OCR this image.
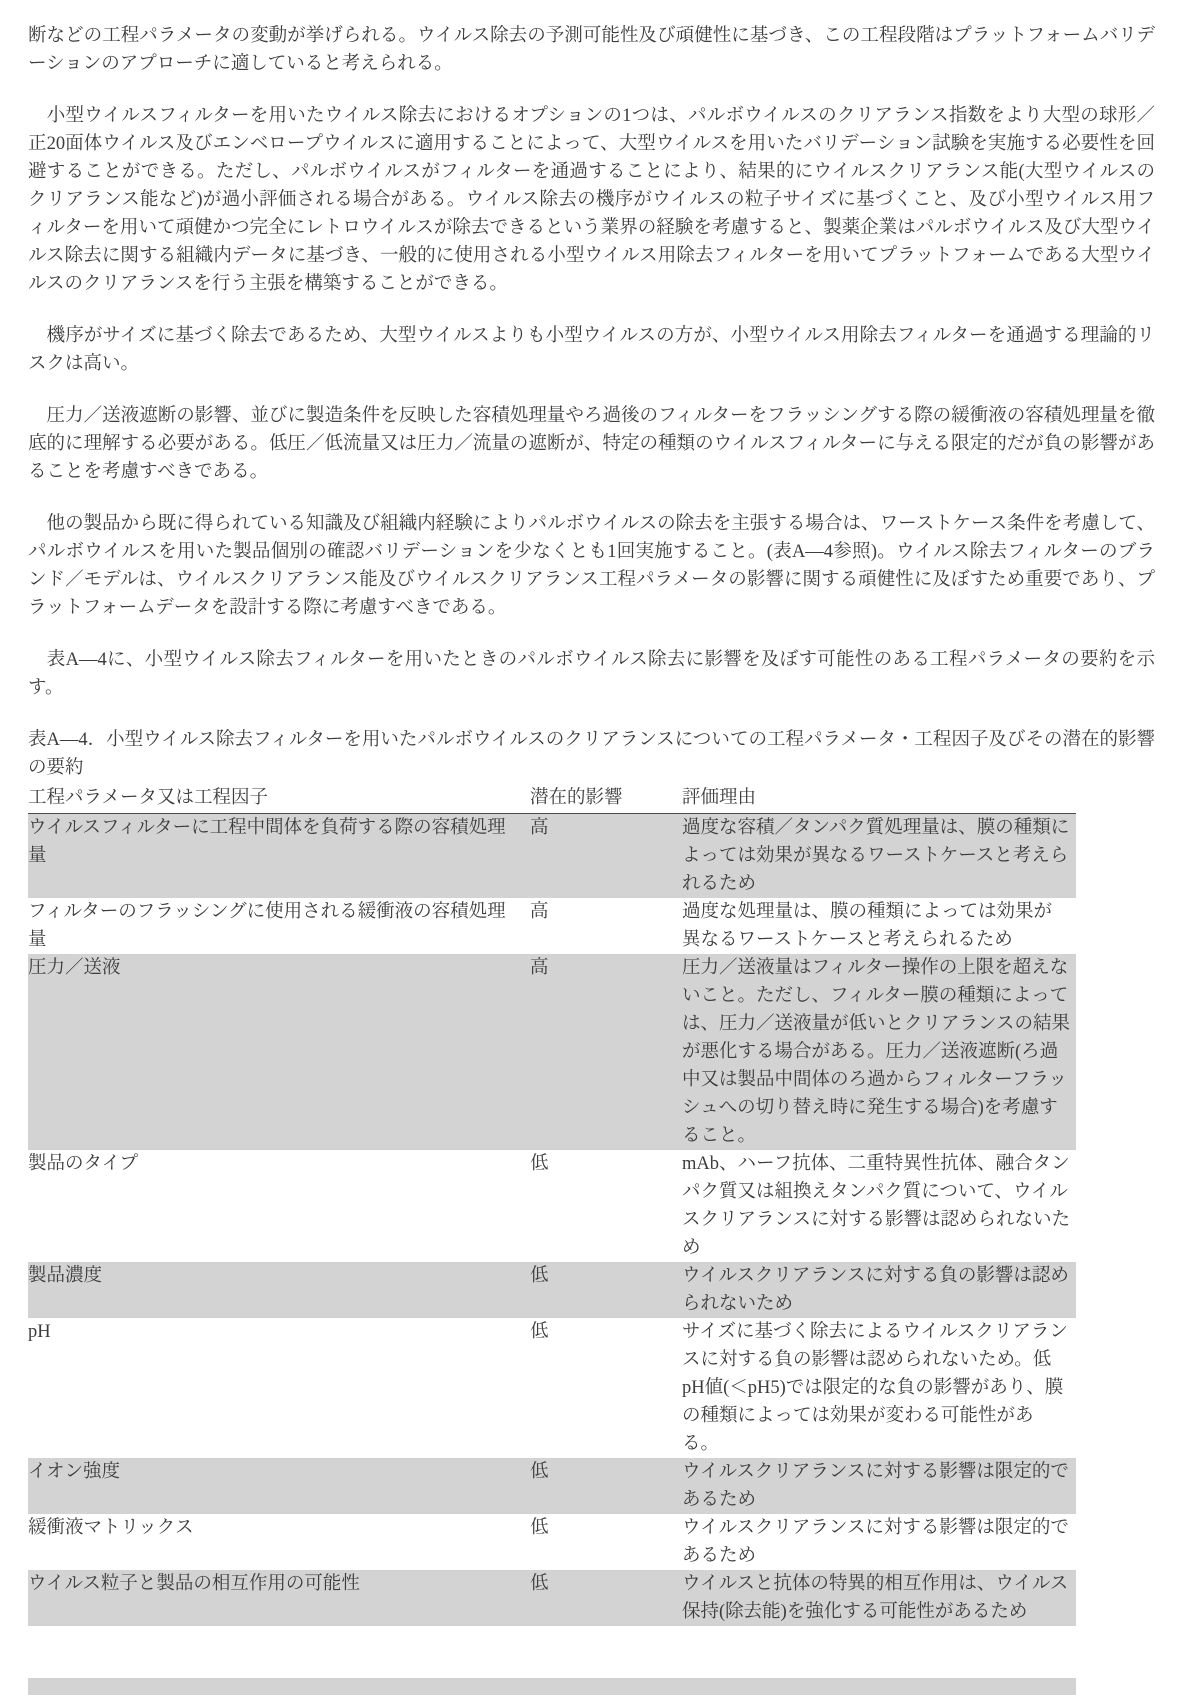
断などの工程パラメータの変動が挙げられる。ウイルス除去の予測可能性及び頑健性に基づき、この工程段階はプラットフォームバリデーションのアプローチに適していると考えられる。

　小型ウイルスフィルターを用いたウイルス除去におけるオプションの1つは、パルボウイルスのクリアランス指数をより大型の球形／正20面体ウイルス及びエンベロープウイルスに適用することによって、大型ウイルスを用いたバリデーション試験を実施する必要性を回避することができる。ただし、パルボウイルスがフィルターを通過することにより、結果的にウイルスクリアランス能(大型ウイルスのクリアランス能など)が過小評価される場合がある。ウイルス除去の機序がウイルスの粒子サイズに基づくこと、及び小型ウイルス用フィルターを用いて頑健かつ完全にレトロウイルスが除去できるという業界の経験を考慮すると、製薬企業はパルボウイルス及び大型ウイルス除去に関する組織内データに基づき、一般的に使用される小型ウイルス用除去フィルターを用いてプラットフォームである大型ウイルスのクリアランスを行う主張を構築することができる。

　機序がサイズに基づく除去であるため、大型ウイルスよりも小型ウイルスの方が、小型ウイルス用除去フィルターを通過する理論的リスクは高い。

　圧力／送液遮断の影響、並びに製造条件を反映した容積処理量やろ過後のフィルターをフラッシングする際の緩衝液の容積処理量を徹底的に理解する必要がある。低圧／低流量又は圧力／流量の遮断が、特定の種類のウイルスフィルターに与える限定的だが負の影響があることを考慮すべきである。

　他の製品から既に得られている知識及び組織内経験によりパルボウイルスの除去を主張する場合は、ワーストケース条件を考慮して、パルボウイルスを用いた製品個別の確認バリデーションを少なくとも1回実施すること。(表A—4参照)。ウイルス除去フィルターのブランド／モデルは、ウイルスクリアランス能及びウイルスクリアランス工程パラメータの影響に関する頑健性に及ぼすため重要であり、プラットフォームデータを設計する際に考慮すべきである。

　表A—4に、小型ウイルス除去フィルターを用いたときのパルボウイルス除去に影響を及ぼす可能性のある工程パラメータの要約を示す。

表A—4．小型ウイルス除去フィルターを用いたパルボウイルスのクリアランスについての工程パラメータ・工程因子及びその潜在的影響の要約

工程パラメータ又は工程因子	潜在的影響	評価理由
ウイルスフィルターに工程中間体を負荷する際の容積処理量	高	過度な容積／タンパク質処理量は、膜の種類によっては効果が異なるワーストケースと考えられるため
フィルターのフラッシングに使用される緩衝液の容積処理量	高	過度な処理量は、膜の種類によっては効果が異なるワーストケースと考えられるため
圧力／送液	高	圧力／送液量はフィルター操作の上限を超えないこと。ただし、フィルター膜の種類によっては、圧力／送液量が低いとクリアランスの結果が悪化する場合がある。圧力／送液遮断(ろ過中又は製品中間体のろ過からフィルターフラッシュへの切り替え時に発生する場合)を考慮すること。
製品のタイプ	低	mAb、ハーフ抗体、二重特異性抗体、融合タンパク質又は組換えタンパク質について、ウイルスクリアランスに対する影響は認められないため
製品濃度	低	ウイルスクリアランスに対する負の影響は認められないため
pH	低	サイズに基づく除去によるウイルスクリアランスに対する負の影響は認められないため。低pH値(＜pH5)では限定的な負の影響があり、膜の種類によっては効果が変わる可能性がある。
イオン強度	低	ウイルスクリアランスに対する影響は限定的であるため
緩衝液マトリックス	低	ウイルスクリアランスに対する影響は限定的であるため
ウイルス粒子と製品の相互作用の可能性	低	ウイルスと抗体の特異的相互作用は、ウイルス保持(除去能)を強化する可能性があるため
